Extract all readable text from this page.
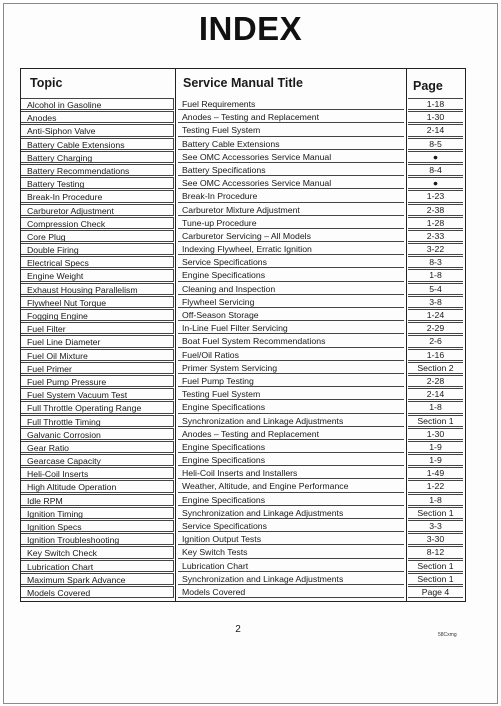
INDEX
Topic	Service Manual Title	Page
Alcohol in Gasoline	Fuel Requirements	1-18
Anodes	Anodes – Testing and Replacement	1-30
Anti-Siphon Valve	Testing Fuel System	2-14
Battery Cable Extensions	Battery Cable Extensions	8-5
Battery Charging	See OMC Accessories Service Manual	●
Battery Recommendations	Battery Specifications	8-4
Battery Testing	See OMC Accessories Service Manual	●
Break-In Procedure	Break-In Procedure	1-23
Carburetor Adjustment	Carburetor Mixture Adjustment	2-38
Compression Check	Tune-up Procedure	1-28
Core Plug	Carburetor Servicing – All Models	2-33
Double Firing	Indexing Flywheel, Erratic Ignition	3-22
Electrical Specs	Service Specifications	8-3
Engine Weight	Engine Specifications	1-8
Exhaust Housing Parallelism	Cleaning and Inspection	5-4
Flywheel Nut Torque	Flywheel Servicing	3-8
Fogging Engine	Off-Season Storage	1-24
Fuel Filter	In-Line Fuel Filter Servicing	2-29
Fuel Line Diameter	Boat Fuel System Recommendations	2-6
Fuel Oil Mixture	Fuel/Oil Ratios	1-16
Fuel Primer	Primer System Servicing	Section 2
Fuel Pump Pressure	Fuel Pump Testing	2-28
Fuel System Vacuum Test	Testing Fuel System	2-14
Full Throttle Operating Range	Engine Specifications	1-8
Full Throttle Timing	Synchronization and Linkage Adjustments	Section 1
Galvanic Corrosion	Anodes – Testing and Replacement	1-30
Gear Ratio	Engine Specifications	1-9
Gearcase Capacity	Engine Specifications	1-9
Heli-Coil Inserts	Heli-Coil Inserts and Installers	1-49
High Altitude Operation	Weather, Altitude, and Engine Performance	1-22
Idle RPM	Engine Specifications	1-8
Ignition Timing	Synchronization and Linkage Adjustments	Section 1
Ignition Specs	Service Specifications	3-3
Ignition Troubleshooting	Ignition Output Tests	3-30
Key Switch Check	Key Switch Tests	8-12
Lubrication Chart	Lubrication Chart	Section 1
Maximum Spark Advance	Synchronization and Linkage Adjustments	Section 1
Models Covered	Models Covered	Page 4
2	58Cxmg
